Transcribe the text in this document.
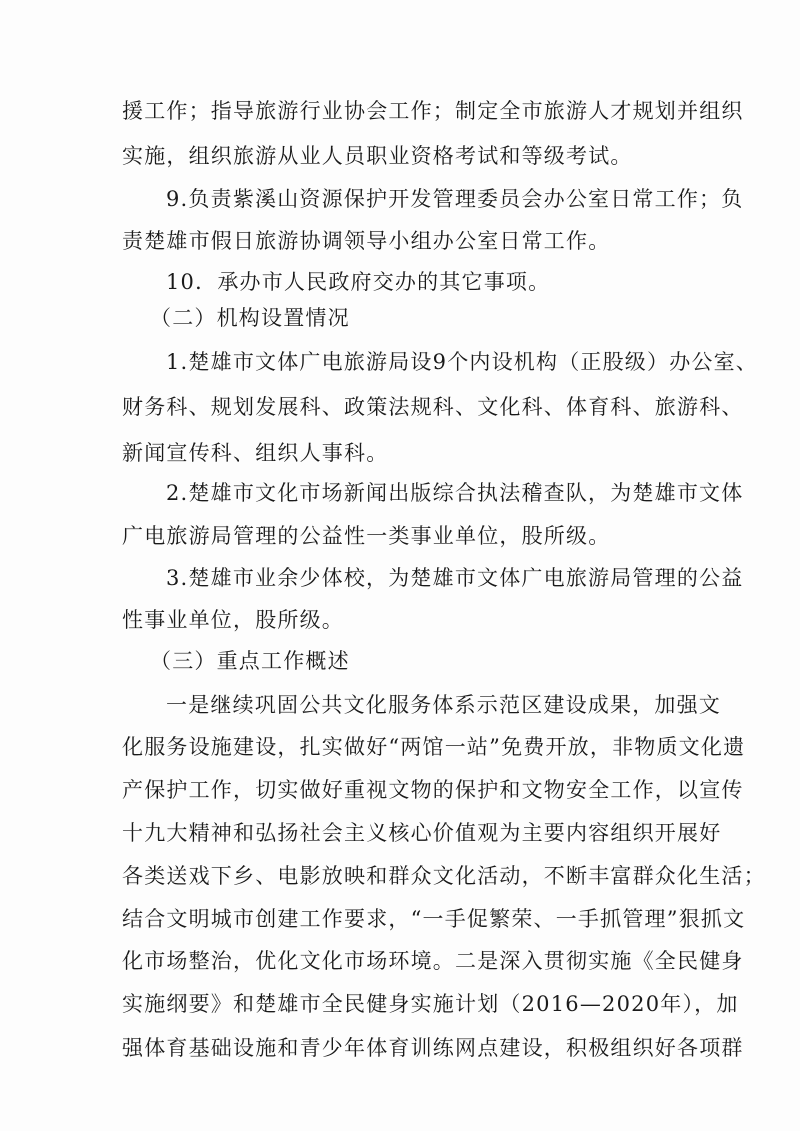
援工作；指导旅游行业协会工作；制定全市旅游人才规划并组织
实施，组织旅游从业人员职业资格考试和等级考试。
9.负责紫溪山资源保护开发管理委员会办公室日常工作；负
责楚雄市假日旅游协调领导小组办公室日常工作。
10．承办市人民政府交办的其它事项。
（二）机构设置情况
1.楚雄市文体广电旅游局设9个内设机构（正股级）办公室、
财务科、规划发展科、政策法规科、文化科、体育科、旅游科、
新闻宣传科、组织人事科。
2.楚雄市文化市场新闻出版综合执法稽查队，为楚雄市文体
广电旅游局管理的公益性一类事业单位，股所级。
3.楚雄市业余少体校，为楚雄市文体广电旅游局管理的公益
性事业单位，股所级。
（三）重点工作概述
一是继续巩固公共文化服务体系示范区建设成果，加强文
化服务设施建设，扎实做好“两馆一站”免费开放，非物质文化遗
产保护工作，切实做好重视文物的保护和文物安全工作，以宣传
十九大精神和弘扬社会主义核心价值观为主要内容组织开展好
各类送戏下乡、电影放映和群众文化活动，不断丰富群众化生活；
结合文明城市创建工作要求，“一手促繁荣、一手抓管理”狠抓文
化市场整治，优化文化市场环境。二是深入贯彻实施《全民健身
实施纲要》和楚雄市全民健身实施计划（2016—2020年），加
强体育基础设施和青少年体育训练网点建设，积极组织好各项群
